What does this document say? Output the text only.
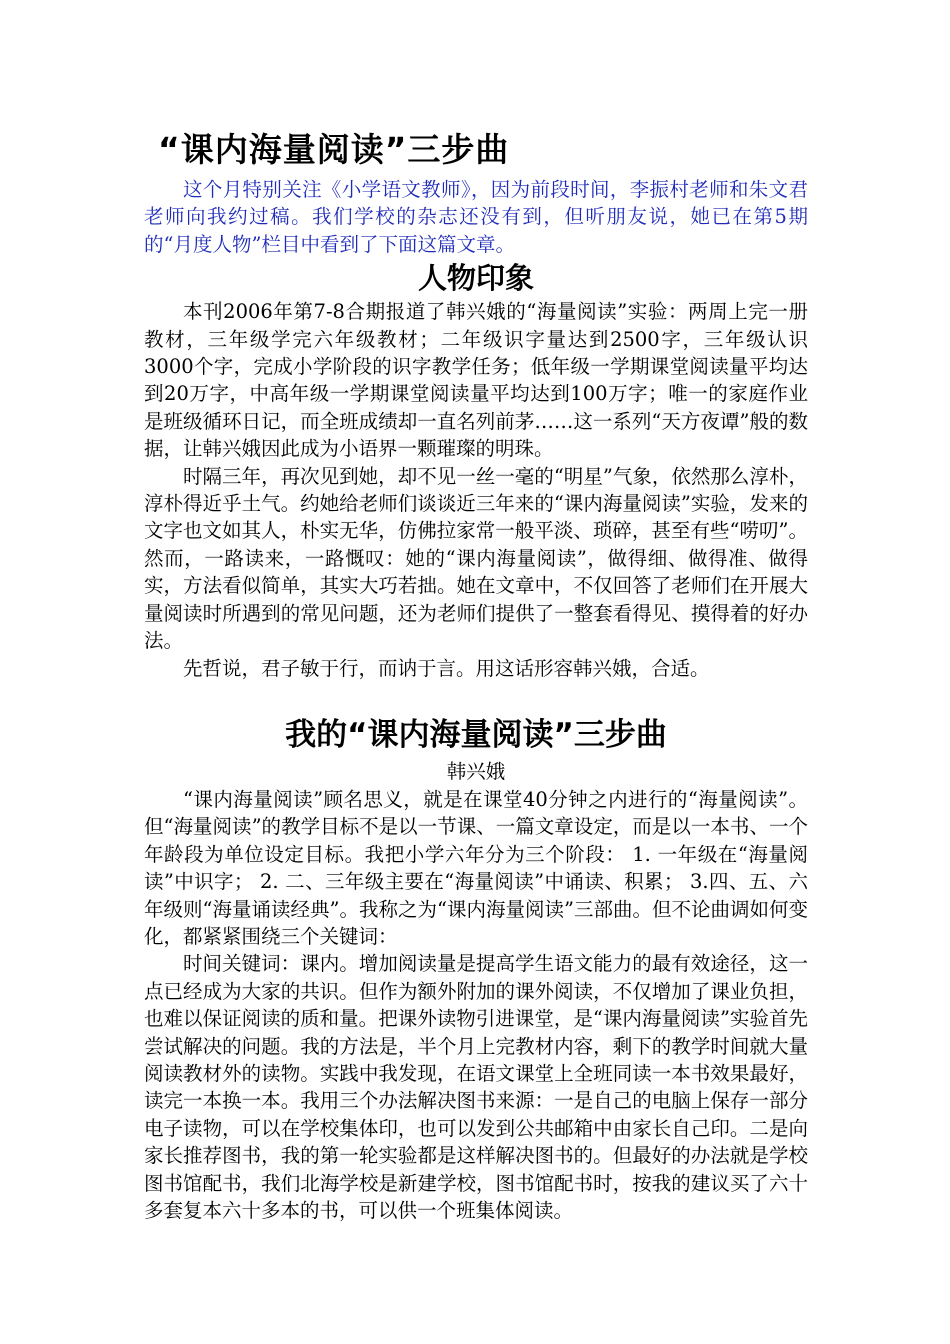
“课内海量阅读”三步曲

这个月特别关注《小学语文教师》，因为前段时间，李振村老师和朱文君老师向我约过稿。我们学校的杂志还没有到，但听朋友说，她已在第5期的“月度人物”栏目中看到了下面这篇文章。

人物印象

本刊2006年第7-8合期报道了韩兴娥的“海量阅读”实验：两周上完一册教材，三年级学完六年级教材；二年级识字量达到2500字，三年级认识3000个字，完成小学阶段的识字教学任务；低年级一学期课堂阅读量平均达到20万字，中高年级一学期课堂阅读量平均达到100万字；唯一的家庭作业是班级循环日记，而全班成绩却一直名列前茅……这一系列“天方夜谭”般的数据，让韩兴娥因此成为小语界一颗璀璨的明珠。

时隔三年，再次见到她，却不见一丝一毫的“明星”气象，依然那么淳朴，淳朴得近乎土气。约她给老师们谈谈近三年来的“课内海量阅读”实验，发来的文字也文如其人，朴实无华，仿佛拉家常一般平淡、琐碎，甚至有些“唠叨”。然而，一路读来，一路慨叹：她的“课内海量阅读”，做得细、做得准、做得实，方法看似简单，其实大巧若拙。她在文章中，不仅回答了老师们在开展大量阅读时所遇到的常见问题，还为老师们提供了一整套看得见、摸得着的好办法。

先哲说，君子敏于行，而讷于言。用这话形容韩兴娥，合适。

我的“课内海量阅读”三步曲

韩兴娥

“课内海量阅读”顾名思义，就是在课堂40分钟之内进行的“海量阅读”。但“海量阅读”的教学目标不是以一节课、一篇文章设定，而是以一本书、一个年龄段为单位设定目标。我把小学六年分为三个阶段： 1. 一年级在“海量阅读”中识字； 2. 二、三年级主要在“海量阅读”中诵读、积累； 3.四、五、六年级则“海量诵读经典”。我称之为“课内海量阅读”三部曲。但不论曲调如何变化，都紧紧围绕三个关键词：

时间关键词：课内。增加阅读量是提高学生语文能力的最有效途径，这一点已经成为大家的共识。但作为额外附加的课外阅读，不仅增加了课业负担，也难以保证阅读的质和量。把课外读物引进课堂，是“课内海量阅读”实验首先尝试解决的问题。我的方法是，半个月上完教材内容，剩下的教学时间就大量阅读教材外的读物。实践中我发现，在语文课堂上全班同读一本书效果最好，读完一本换一本。我用三个办法解决图书来源：一是自己的电脑上保存一部分电子读物，可以在学校集体印，也可以发到公共邮箱中由家长自己印。二是向家长推荐图书，我的第一轮实验都是这样解决图书的。但最好的办法就是学校图书馆配书，我们北海学校是新建学校，图书馆配书时，按我的建议买了六十多套复本六十多本的书，可以供一个班集体阅读。
